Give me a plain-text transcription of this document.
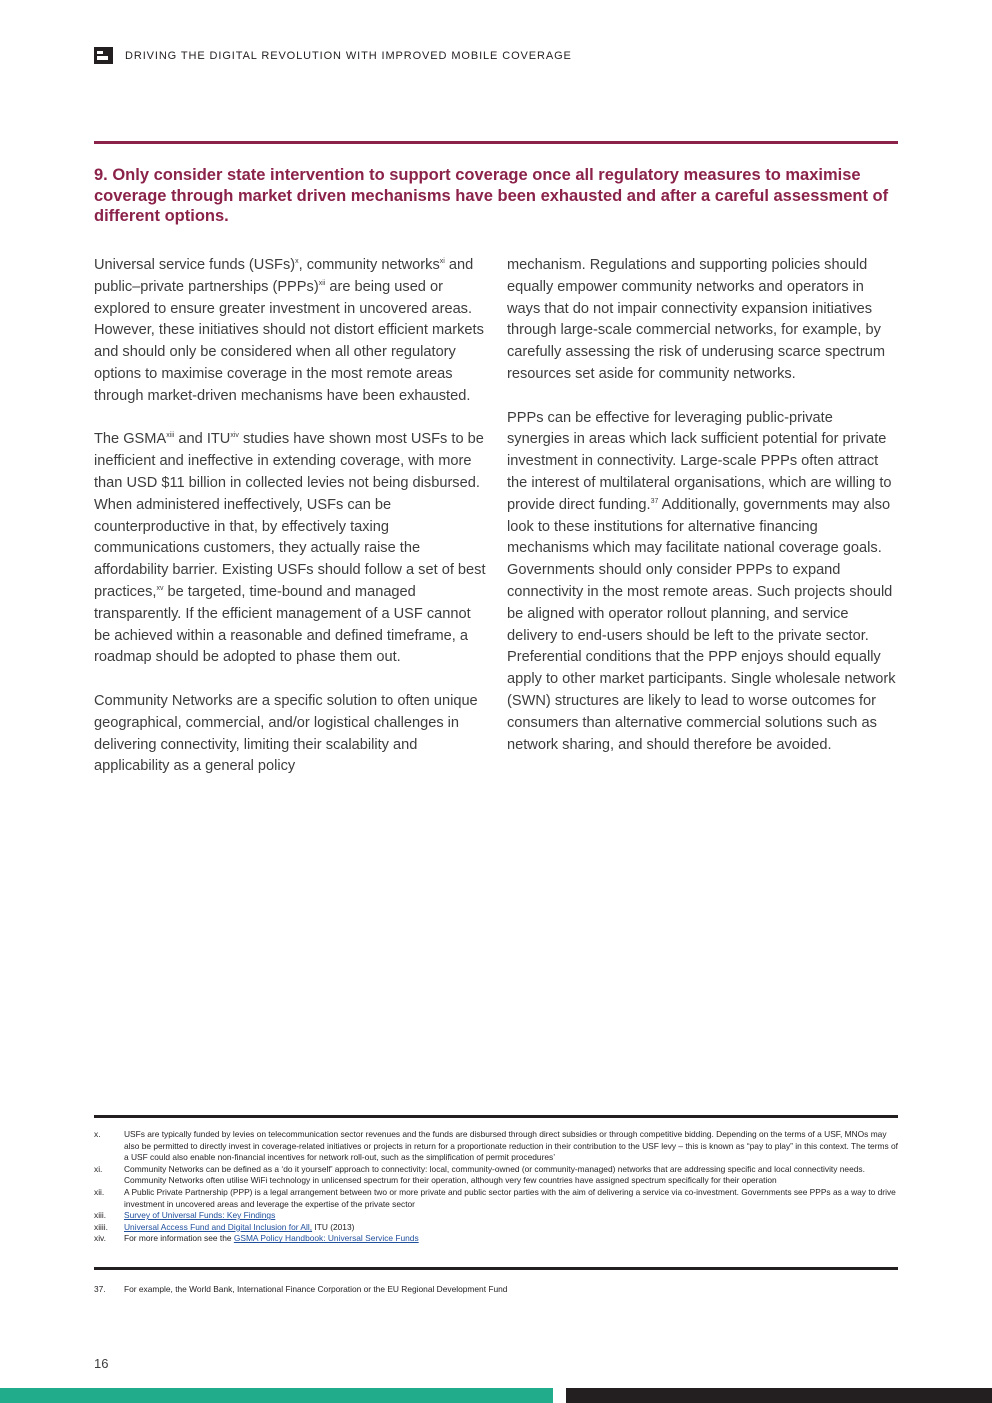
DRIVING THE DIGITAL REVOLUTION WITH IMPROVED MOBILE COVERAGE
9. Only consider state intervention to support coverage once all regulatory measures to maximise coverage through market driven mechanisms have been exhausted and after a careful assessment of different options.

Universal service funds (USFs)$^x$, community networks$^{xi}$ and public–private partnerships (PPPs)$^{xii}$ are being used or explored to ensure greater investment in uncovered areas. However, these initiatives should not distort efficient markets and should only be considered when all other regulatory options to maximise coverage in the most remote areas through market-driven mechanisms have been exhausted.

The GSMA$^{xiii}$ and ITU$^{xiv}$ studies have shown most USFs to be inefficient and ineffective in extending coverage, with more than USD $11 billion in collected levies not being disbursed. When administered ineffectively, USFs can be counterproductive in that, by effectively taxing communications customers, they actually raise the affordability barrier. Existing USFs should follow a set of best practices,$^{xv}$ be targeted, time-bound and managed transparently. If the efficient management of a USF cannot be achieved within a reasonable and defined timeframe, a roadmap should be adopted to phase them out.

Community Networks are a specific solution to often unique geographical, commercial, and/or logistical challenges in delivering connectivity, limiting their scalability and applicability as a general policy

mechanism. Regulations and supporting policies should equally empower community networks and operators in ways that do not impair connectivity expansion initiatives through large-scale commercial networks, for example, by carefully assessing the risk of underusing scarce spectrum resources set aside for community networks.

PPPs can be effective for leveraging public-private synergies in areas which lack sufficient potential for private investment in connectivity. Large-scale PPPs often attract the interest of multilateral organisations, which are willing to provide direct funding.$^{37}$ Additionally, governments may also look to these institutions for alternative financing mechanisms which may facilitate national coverage goals. Governments should only consider PPPs to expand connectivity in the most remote areas. Such projects should be aligned with operator rollout planning, and service delivery to end-users should be left to the private sector. Preferential conditions that the PPP enjoys should equally apply to other market participants. Single wholesale network (SWN) structures are likely to lead to worse outcomes for consumers than alternative commercial solutions such as network sharing, and should therefore be avoided.

x.	USFs are typically funded by levies on telecommunication sector revenues and the funds are disbursed through direct subsidies or through competitive bidding. Depending on the terms of a USF, MNOs may also be permitted to directly invest in coverage-related initiatives or projects in return for a proportionate reduction in their contribution to the USF levy – this is known as “pay to play” in this context. The terms of a USF could also enable non-financial incentives for network roll-out, such as the simplification of permit procedures’
xi.	Community Networks can be defined as a ‘do it yourself’ approach to connectivity: local, community-owned (or community-managed) networks that are addressing specific and local connectivity needs. Community Networks often utilise WiFi technology in unlicensed spectrum for their operation, although very few countries have assigned spectrum specifically for their operation
xii.	A Public Private Partnership (PPP) is a legal arrangement between two or more private and public sector parties with the aim of delivering a service via co-investment. Governments see PPPs as a way to drive investment in uncovered areas and leverage the expertise of the private sector
xiii.	Survey of Universal Funds: Key Findings
xiiii.	Universal Access Fund and Digital Inclusion for All, ITU (2013)
xiv.	For more information see the GSMA Policy Handbook: Universal Service Funds
37.	For example, the World Bank, International Finance Corporation or the EU Regional Development Fund
16
